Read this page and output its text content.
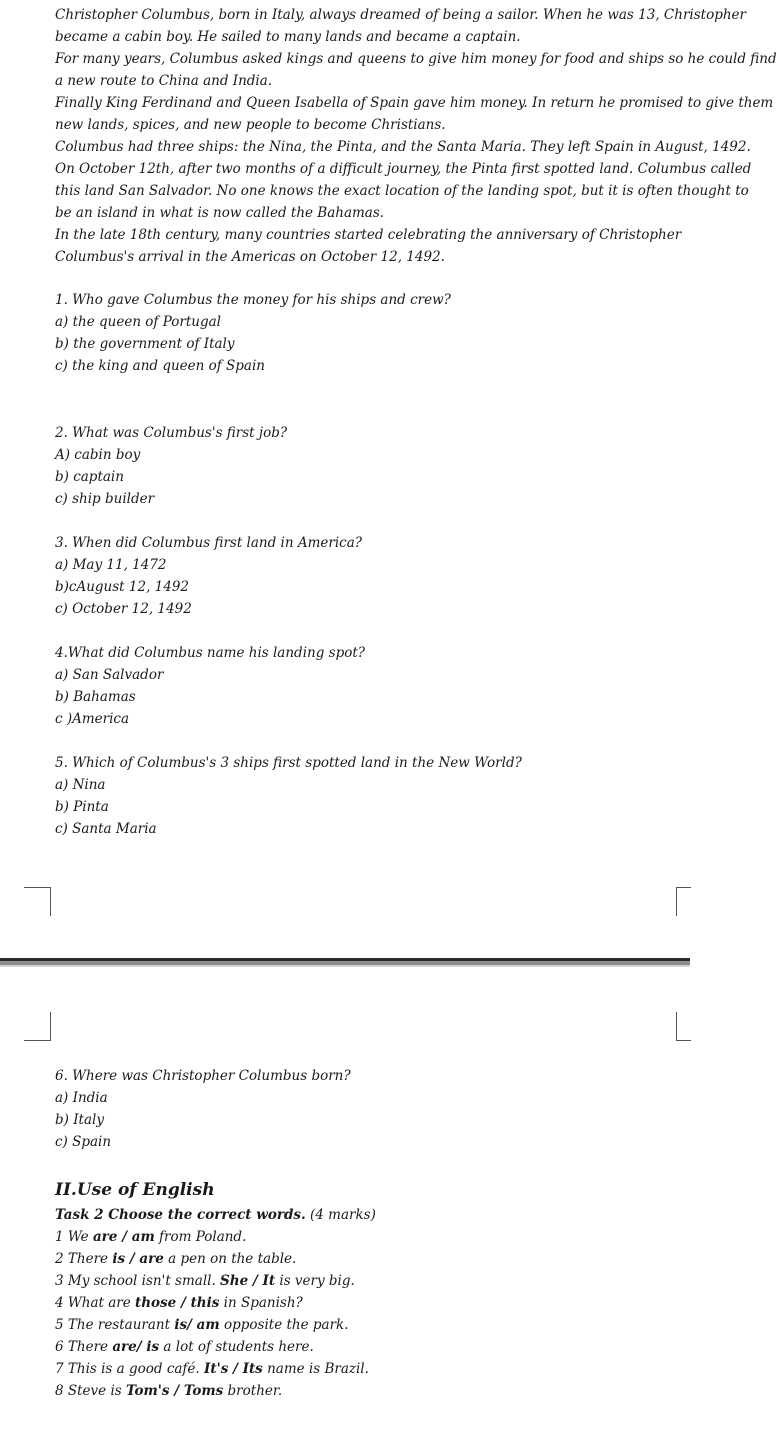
Christopher Columbus, born in Italy, always dreamed of being a sailor. When he was 13, Christopher
became a cabin boy. He sailed to many lands and became a captain.
For many years, Columbus asked kings and queens to give him money for food and ships so he could find
a new route to China and India.
Finally King Ferdinand and Queen Isabella of Spain gave him money. In return he promised to give them
new lands, spices, and new people to become Christians.
Columbus had three ships: the Nina, the Pinta, and the Santa Maria. They left Spain in August, 1492.
On October 12th, after two months of a difficult journey, the Pinta first spotted land. Columbus called
this land San Salvador. No one knows the exact location of the landing spot, but it is often thought to
be an island in what is now called the Bahamas.
In the late 18th century, many countries started celebrating the anniversary of Christopher
Columbus's arrival in the Americas on October 12, 1492.
1. Who gave Columbus the money for his ships and crew?
a) the queen of Portugal
b) the government of Italy
c) the king and queen of Spain
2. What was Columbus's first job?
A) cabin boy
b) captain
c) ship builder
3. When did Columbus first land in America?
a) May 11, 1472
b)cAugust 12, 1492
c) October 12, 1492
4.What did Columbus name his landing spot?
a) San Salvador
b) Bahamas
c )America
5. Which of Columbus's 3 ships first spotted land in the New World?
a) Nina
b) Pinta
c) Santa Maria
6. Where was Christopher Columbus born?
a) India
b) Italy
c) Spain
II.Use of English
Task 2 Choose the correct words. (4 marks)
1 We are / am from Poland.
2 There is / are a pen on the table.
3 My school isn't small. She / It is very big.
4 What are those / this in Spanish?
5 The restaurant is/ am opposite the park.
6 There are/ is a lot of students here.
7 This is a good café. It's / Its name is Brazil.
8 Steve is Tom's / Toms brother.
